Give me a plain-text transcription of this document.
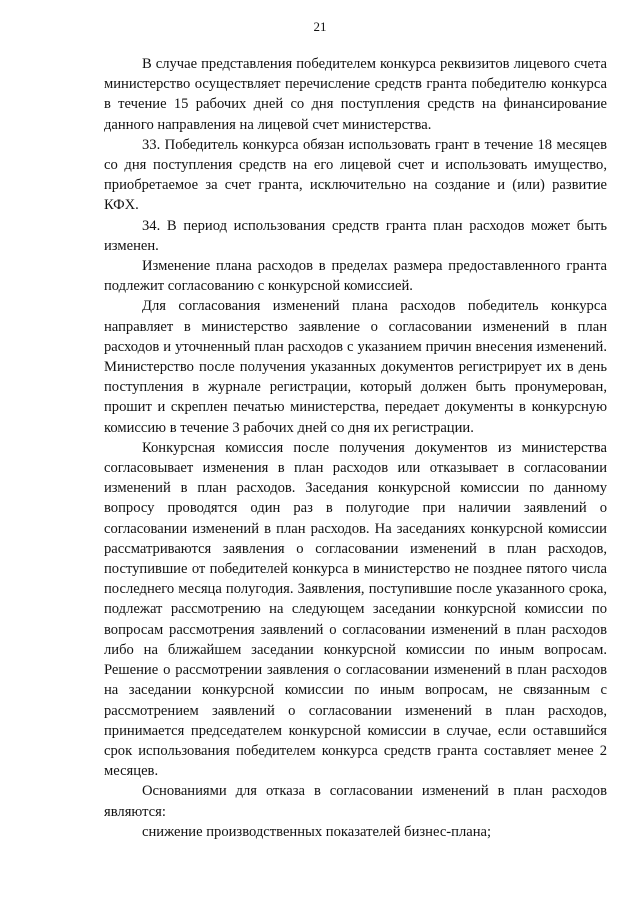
21

В случае представления победителем конкурса реквизитов лицевого счета министерство осуществляет перечисление средств гранта победителю конкурса в течение 15 рабочих дней со дня поступления средств на финансирование данного направления на лицевой счет министерства.

33. Победитель конкурса обязан использовать грант в течение 18 месяцев со дня поступления средств на его лицевой счет и использовать имущество, приобретаемое за счет гранта, исключительно на создание и (или) развитие КФХ.

34. В период использования средств гранта план расходов может быть изменен.

Изменение плана расходов в пределах размера предоставленного гранта подлежит согласованию с конкурсной комиссией.

Для согласования изменений плана расходов победитель конкурса направляет в министерство заявление о согласовании изменений в план расходов и уточненный план расходов с указанием причин внесения изменений. Министерство после получения указанных документов регистрирует их в день поступления в журнале регистрации, который должен быть пронумерован, прошит и скреплен печатью министерства, передает документы в конкурсную комиссию в течение 3 рабочих дней со дня их регистрации.

Конкурсная комиссия после получения документов из министерства согласовывает изменения в план расходов или отказывает в согласовании изменений в план расходов. Заседания конкурсной комиссии по данному вопросу проводятся один раз в полугодие при наличии заявлений о согласовании изменений в план расходов. На заседаниях конкурсной комиссии рассматриваются заявления о согласовании изменений в план расходов, поступившие от победителей конкурса в министерство не позднее пятого числа последнего месяца полугодия. Заявления, поступившие после указанного срока, подлежат рассмотрению на следующем заседании конкурсной комиссии по вопросам рассмотрения заявлений о согласовании изменений в план расходов либо на ближайшем заседании конкурсной комиссии по иным вопросам. Решение о рассмотрении заявления о согласовании изменений в план расходов на заседании конкурсной комиссии по иным вопросам, не связанным с рассмотрением заявлений о согласовании изменений в план расходов, принимается председателем конкурсной комиссии в случае, если оставшийся срок использования победителем конкурса средств гранта составляет менее 2 месяцев.

Основаниями для отказа в согласовании изменений в план расходов являются:

снижение производственных показателей бизнес-плана;
